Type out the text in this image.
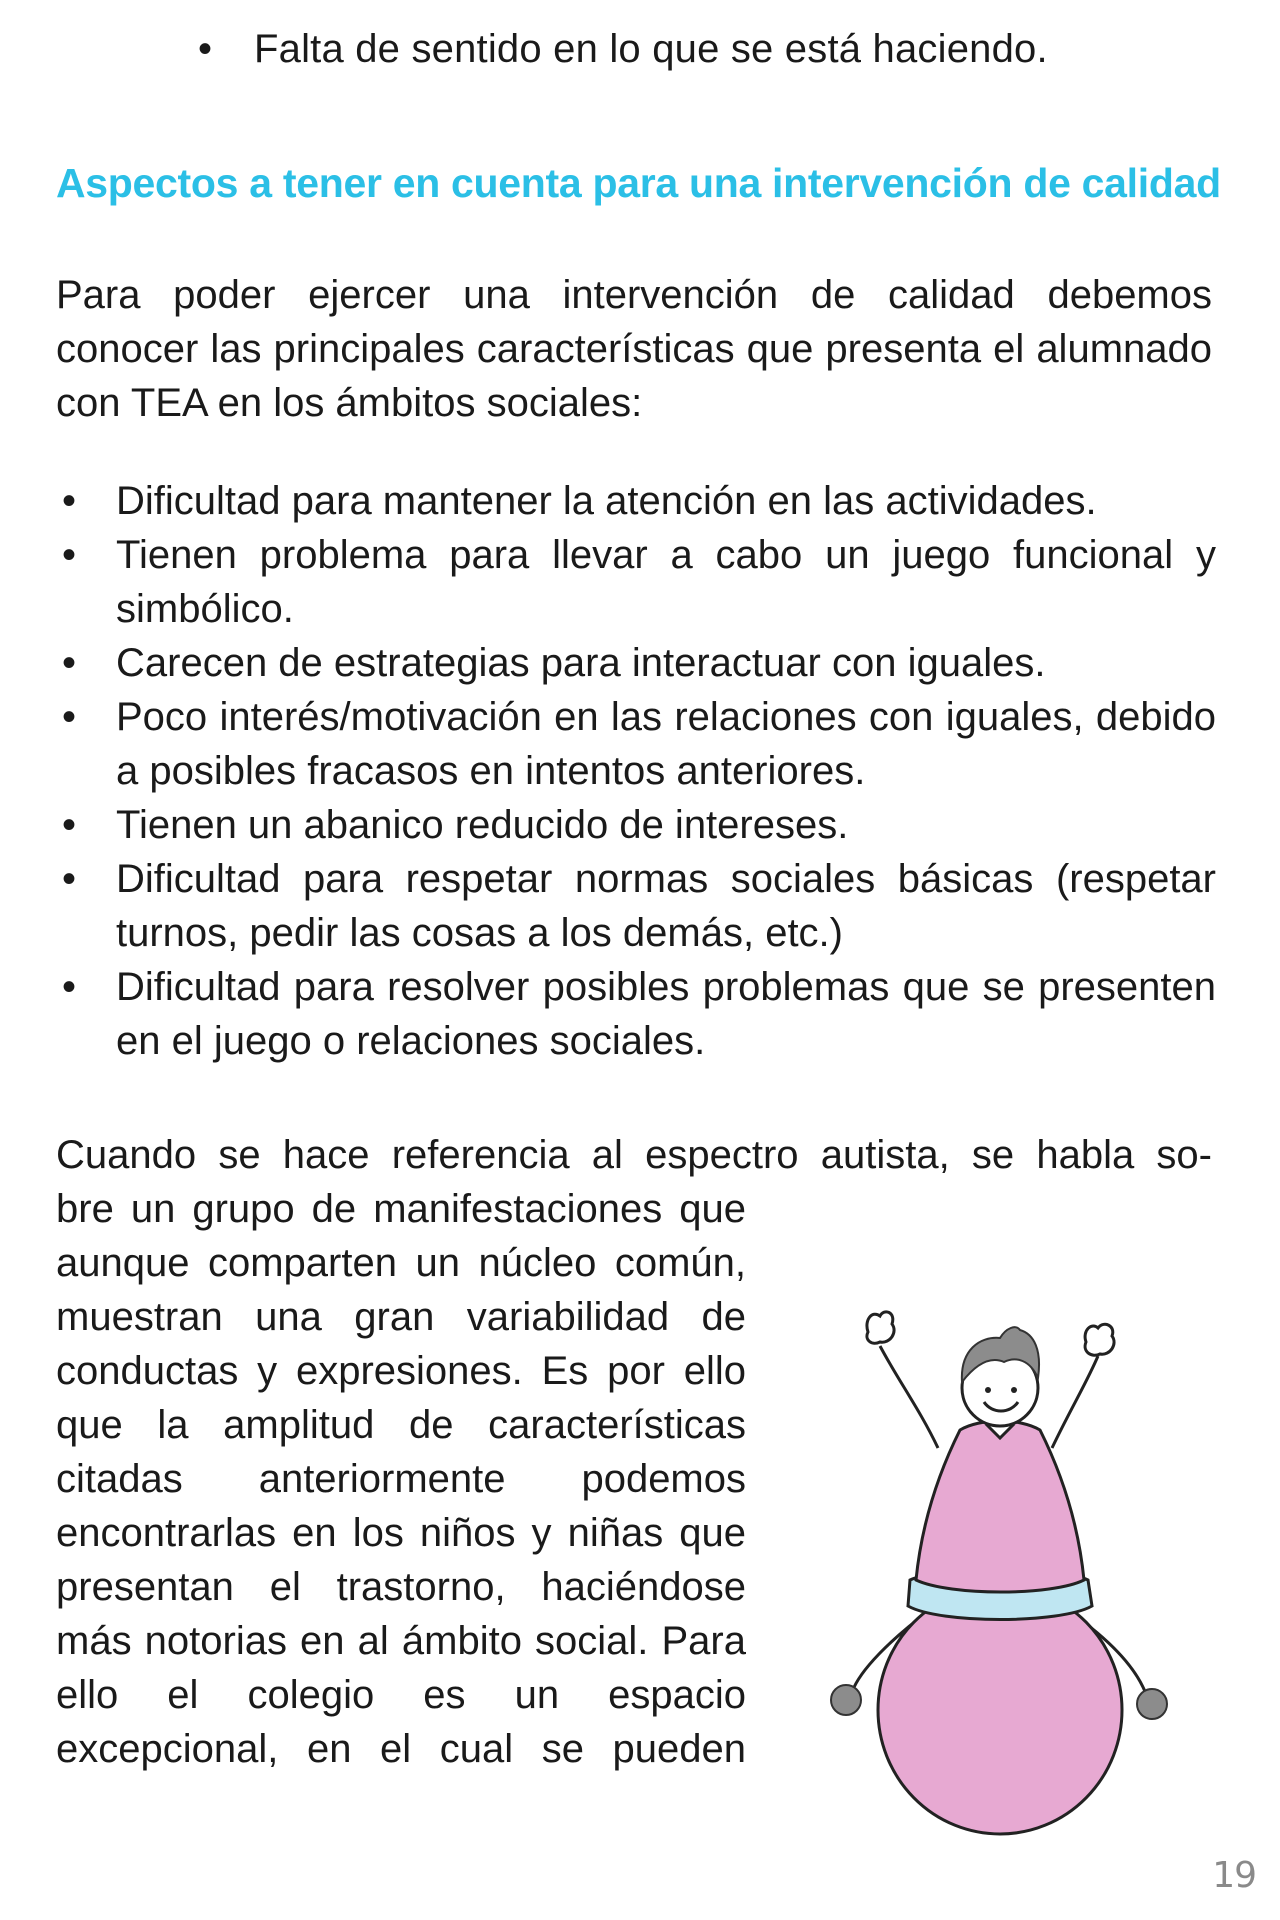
• Falta de sentido en lo que se está haciendo.
Aspectos a tener en cuenta para una intervención de calidad
Para poder ejercer una intervención de calidad debemos conocer las principales características que presenta el alumnado con TEA en los ámbitos sociales:
• Dificultad para mantener la atención en las actividades.
• Tienen problema para llevar a cabo un juego funcional y simbólico.
• Carecen de estrategias para interactuar con iguales.
• Poco interés/motivación en las relaciones con iguales, debido a posibles fracasos en intentos anteriores.
• Tienen un abanico reducido de intereses.
• Dificultad para respetar normas sociales básicas (respetar turnos, pedir las cosas a los demás, etc.)
• Dificultad para resolver posibles problemas que se presenten en el juego o relaciones sociales.
Cuando se hace referencia al espectro autista, se habla so-
bre un grupo de manifestaciones que aunque comparten un núcleo común, muestran una gran variabilidad de conductas y expresiones. Es por ello que la amplitud de características citadas anteriormente podemos encontrarlas en los niños y niñas que presentan el trastorno, haciéndose más notorias en al ámbito social. Para ello el colegio es un espacio excepcional, en el cual se pueden
19
